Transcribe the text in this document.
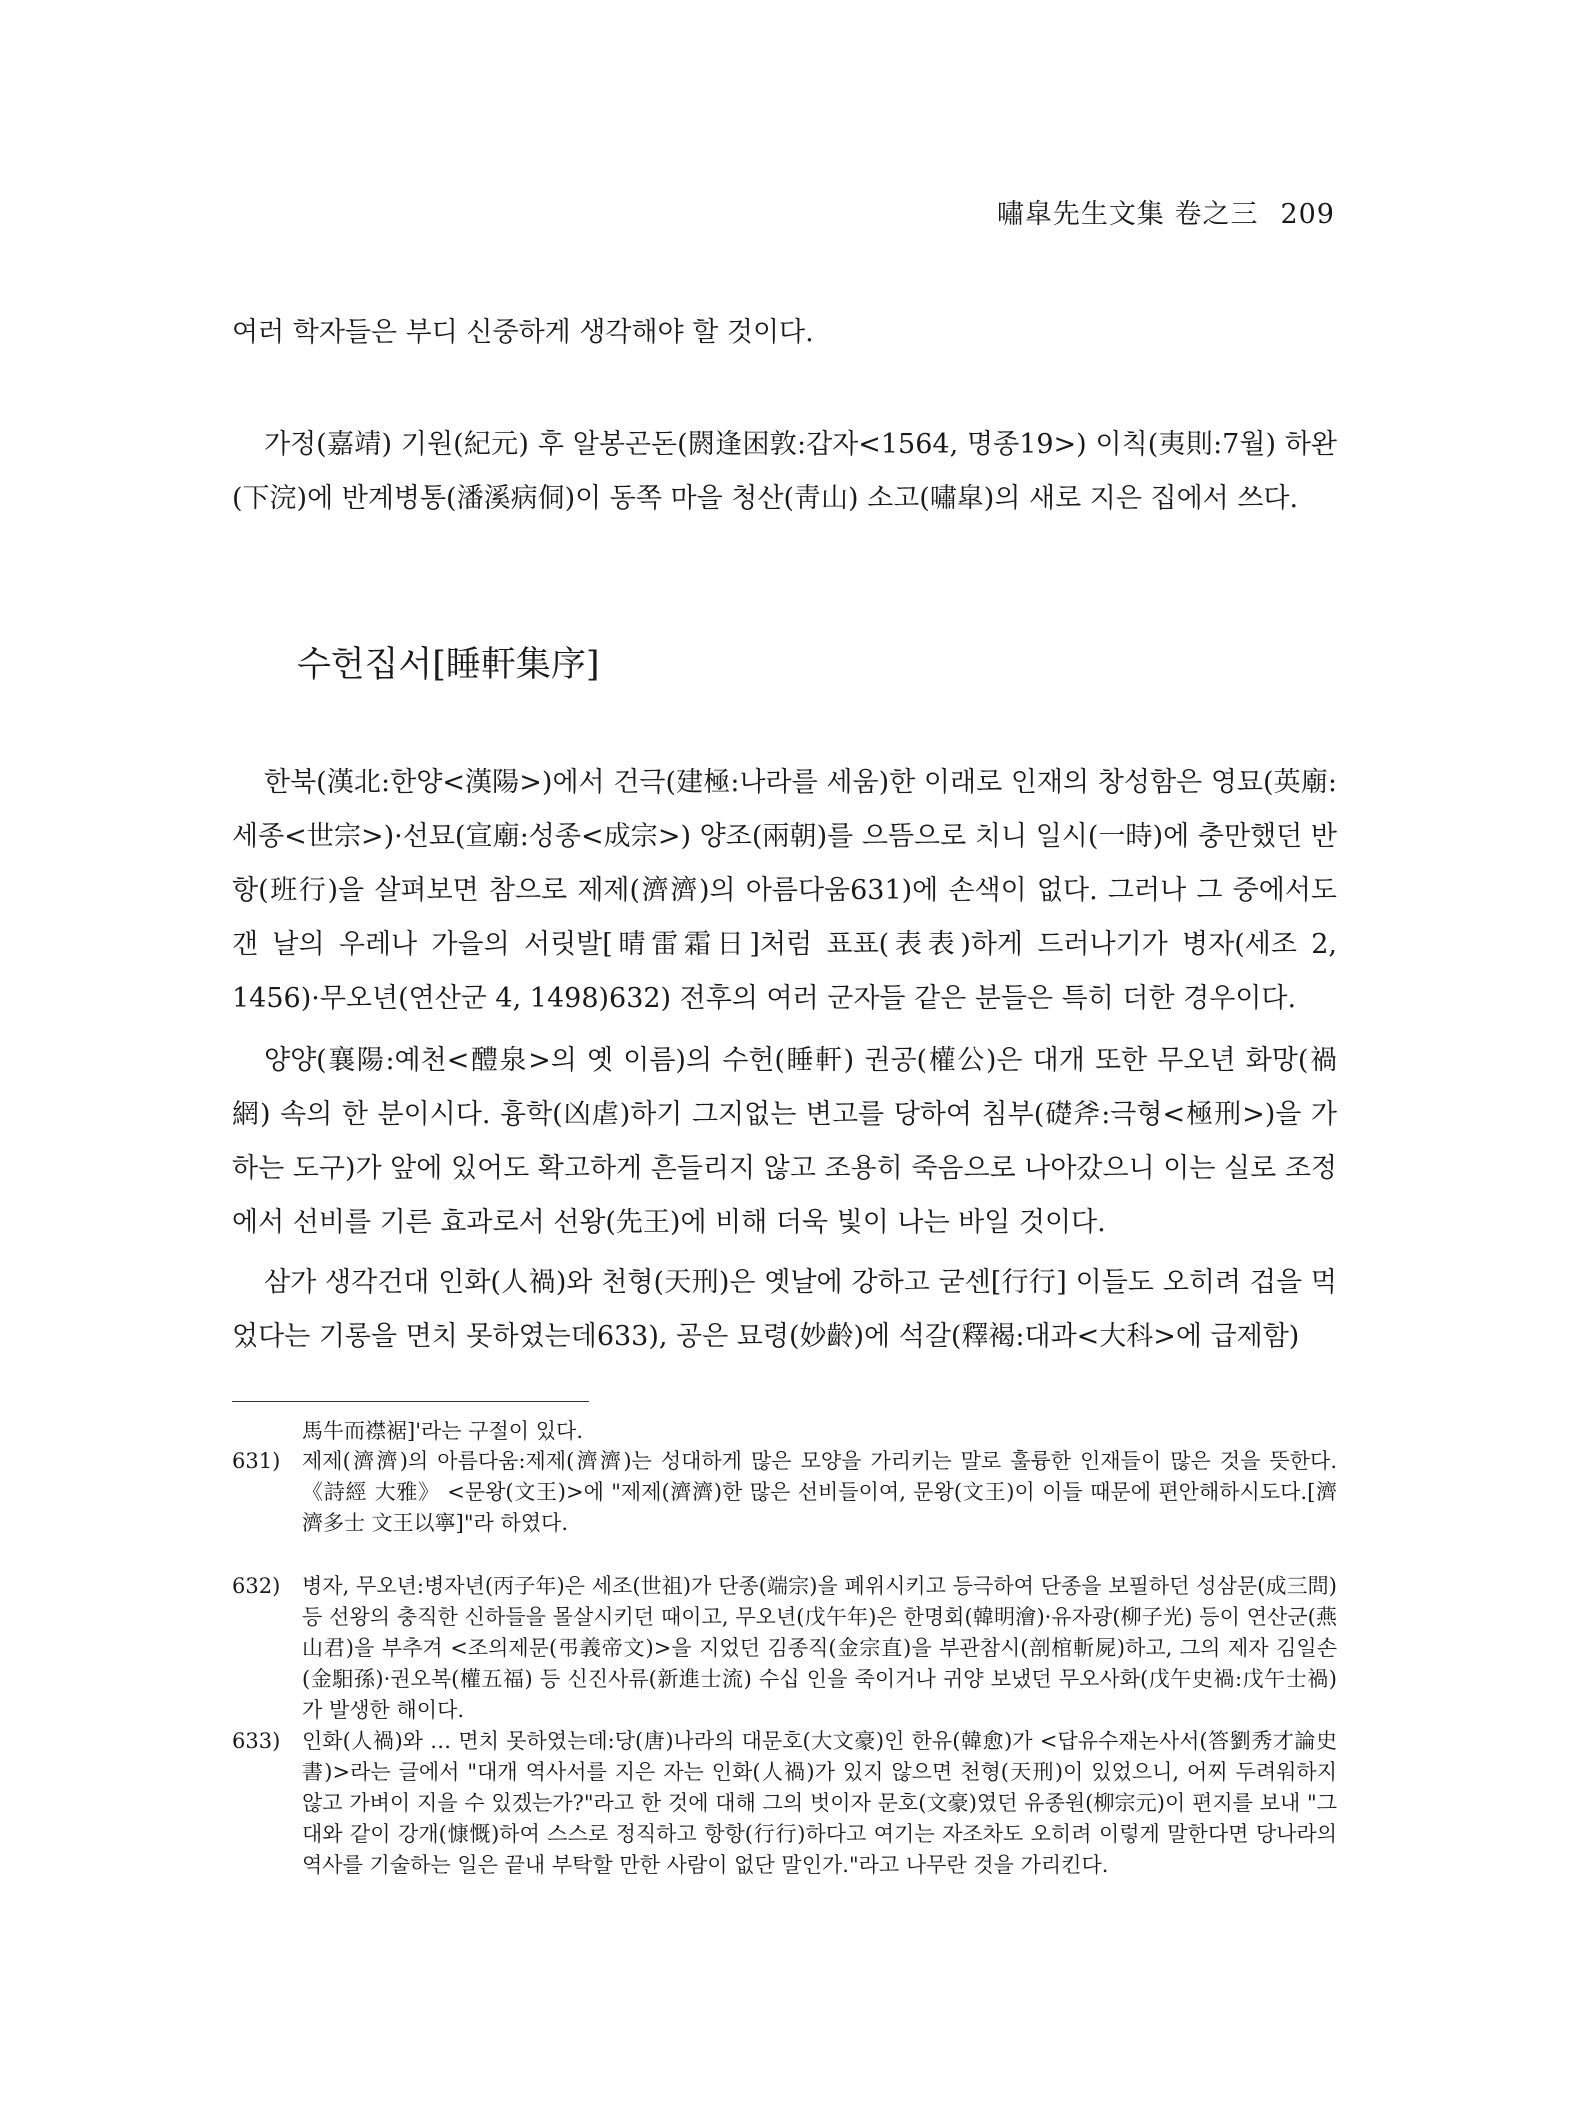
嘯皐先生文集 卷之三 209

여러 학자들은 부디 신중하게 생각해야 할 것이다.

가정(嘉靖) 기원(紀元) 후 알봉곤돈(閼逢困敦:갑자<1564, 명종19>) 이칙(夷則:7월) 하완(下浣)에 반계병통(潘溪病侗)이 동쪽 마을 청산(靑山) 소고(嘯皐)의 새로 지은 집에서 쓰다.

수헌집서[睡軒集序]

한북(漢北:한양<漢陽>)에서 건극(建極:나라를 세움)한 이래로 인재의 창성함은 영묘(英廟:세종<世宗>)·선묘(宣廟:성종<成宗>) 양조(兩朝)를 으뜸으로 치니 일시(一時)에 충만했던 반항(班行)을 살펴보면 참으로 제제(濟濟)의 아름다움631)에 손색이 없다. 그러나 그 중에서도 갠 날의 우레나 가을의 서릿발[晴雷霜日]처럼 표표(表表)하게 드러나기가 병자(세조 2, 1456)·무오년(연산군 4, 1498)632) 전후의 여러 군자들 같은 분들은 특히 더한 경우이다.

양양(襄陽:예천<醴泉>의 옛 이름)의 수헌(睡軒) 권공(權公)은 대개 또한 무오년 화망(禍網) 속의 한 분이시다. 흉학(凶虐)하기 그지없는 변고를 당하여 침부(礎斧:극형<極刑>)을 가하는 도구)가 앞에 있어도 확고하게 흔들리지 않고 조용히 죽음으로 나아갔으니 이는 실로 조정에서 선비를 기른 효과로서 선왕(先王)에 비해 더욱 빛이 나는 바일 것이다.

삼가 생각건대 인화(人禍)와 천형(天刑)은 옛날에 강하고 굳센[行行] 이들도 오히려 겁을 먹었다는 기롱을 면치 못하였는데633), 공은 묘령(妙齡)에 석갈(釋褐:대과<大科>에 급제함)

馬牛而襟裾]'라는 구절이 있다.

631)	제제(濟濟)의 아름다움:제제(濟濟)는 성대하게 많은 모양을 가리키는 말로 훌륭한 인재들이 많은 것을 뜻한다. 《詩經 大雅》 <문왕(文王)>에 "제제(濟濟)한 많은 선비들이여, 문왕(文王)이 이들 때문에 편안해하시도다.[濟濟多士 文王以寧]"라 하였다.
632)	병자, 무오년:병자년(丙子年)은 세조(世祖)가 단종(端宗)을 폐위시키고 등극하여 단종을 보필하던 성삼문(成三問) 등 선왕의 충직한 신하들을 몰살시키던 때이고, 무오년(戊午年)은 한명회(韓明澮)·유자광(柳子光) 등이 연산군(燕山君)을 부추겨 <조의제문(弔義帝文)>을 지었던 김종직(金宗直)을 부관참시(剖棺斬屍)하고, 그의 제자 김일손(金馹孫)·권오복(權五福) 등 신진사류(新進士流) 수십 인을 죽이거나 귀양 보냈던 무오사화(戊午史禍:戊午士禍)가 발생한 해이다.
633)	인화(人禍)와 … 면치 못하였는데:당(唐)나라의 대문호(大文豪)인 한유(韓愈)가 <답유수재논사서(答劉秀才論史書)>라는 글에서 "대개 역사서를 지은 자는 인화(人禍)가 있지 않으면 천형(天刑)이 있었으니, 어찌 두려워하지 않고 가벼이 지을 수 있겠는가?"라고 한 것에 대해 그의 벗이자 문호(文豪)였던 유종원(柳宗元)이 편지를 보내 "그대와 같이 강개(慷慨)하여 스스로 정직하고 항항(行行)하다고 여기는 자조차도 오히려 이렇게 말한다면 당나라의 역사를 기술하는 일은 끝내 부탁할 만한 사람이 없단 말인가."라고 나무란 것을 가리킨다.
